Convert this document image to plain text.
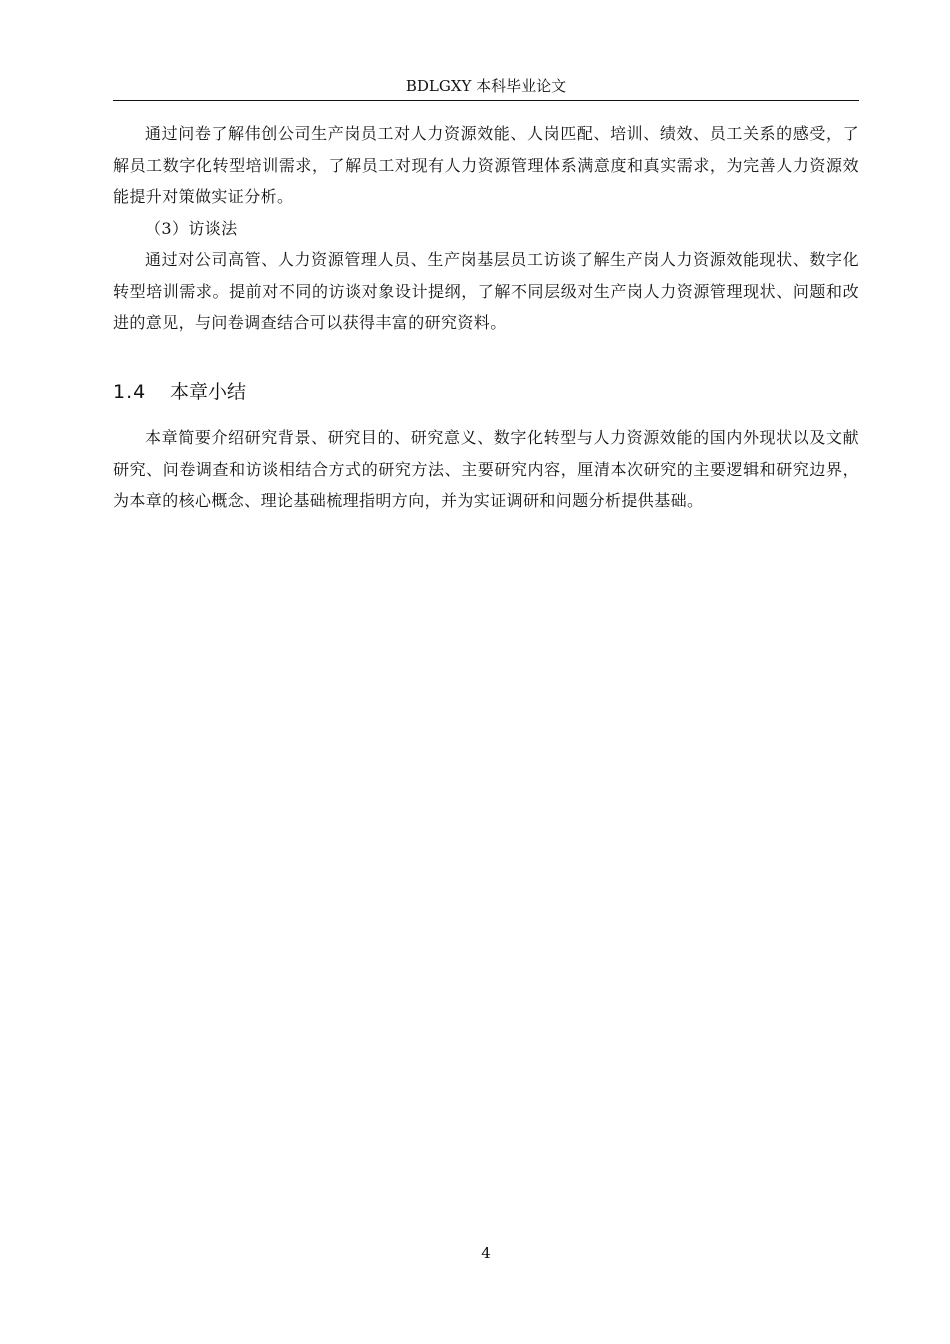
BDLGXY 本科毕业论文

通过问卷了解伟创公司生产岗员工对人力资源效能、人岗匹配、培训、绩效、员工关系的感受，了解员工数字化转型培训需求，了解员工对现有人力资源管理体系满意度和真实需求，为完善人力资源效能提升对策做实证分析。

（3）访谈法

通过对公司高管、人力资源管理人员、生产岗基层员工访谈了解生产岗人力资源效能现状、数字化转型培训需求。提前对不同的访谈对象设计提纲，了解不同层级对生产岗人力资源管理现状、问题和改进的意见，与问卷调查结合可以获得丰富的研究资料。

1.4 本章小结

本章简要介绍研究背景、研究目的、研究意义、数字化转型与人力资源效能的国内外现状以及文献研究、问卷调查和访谈相结合方式的研究方法、主要研究内容，厘清本次研究的主要逻辑和研究边界，为本章的核心概念、理论基础梳理指明方向，并为实证调研和问题分析提供基础。

4
